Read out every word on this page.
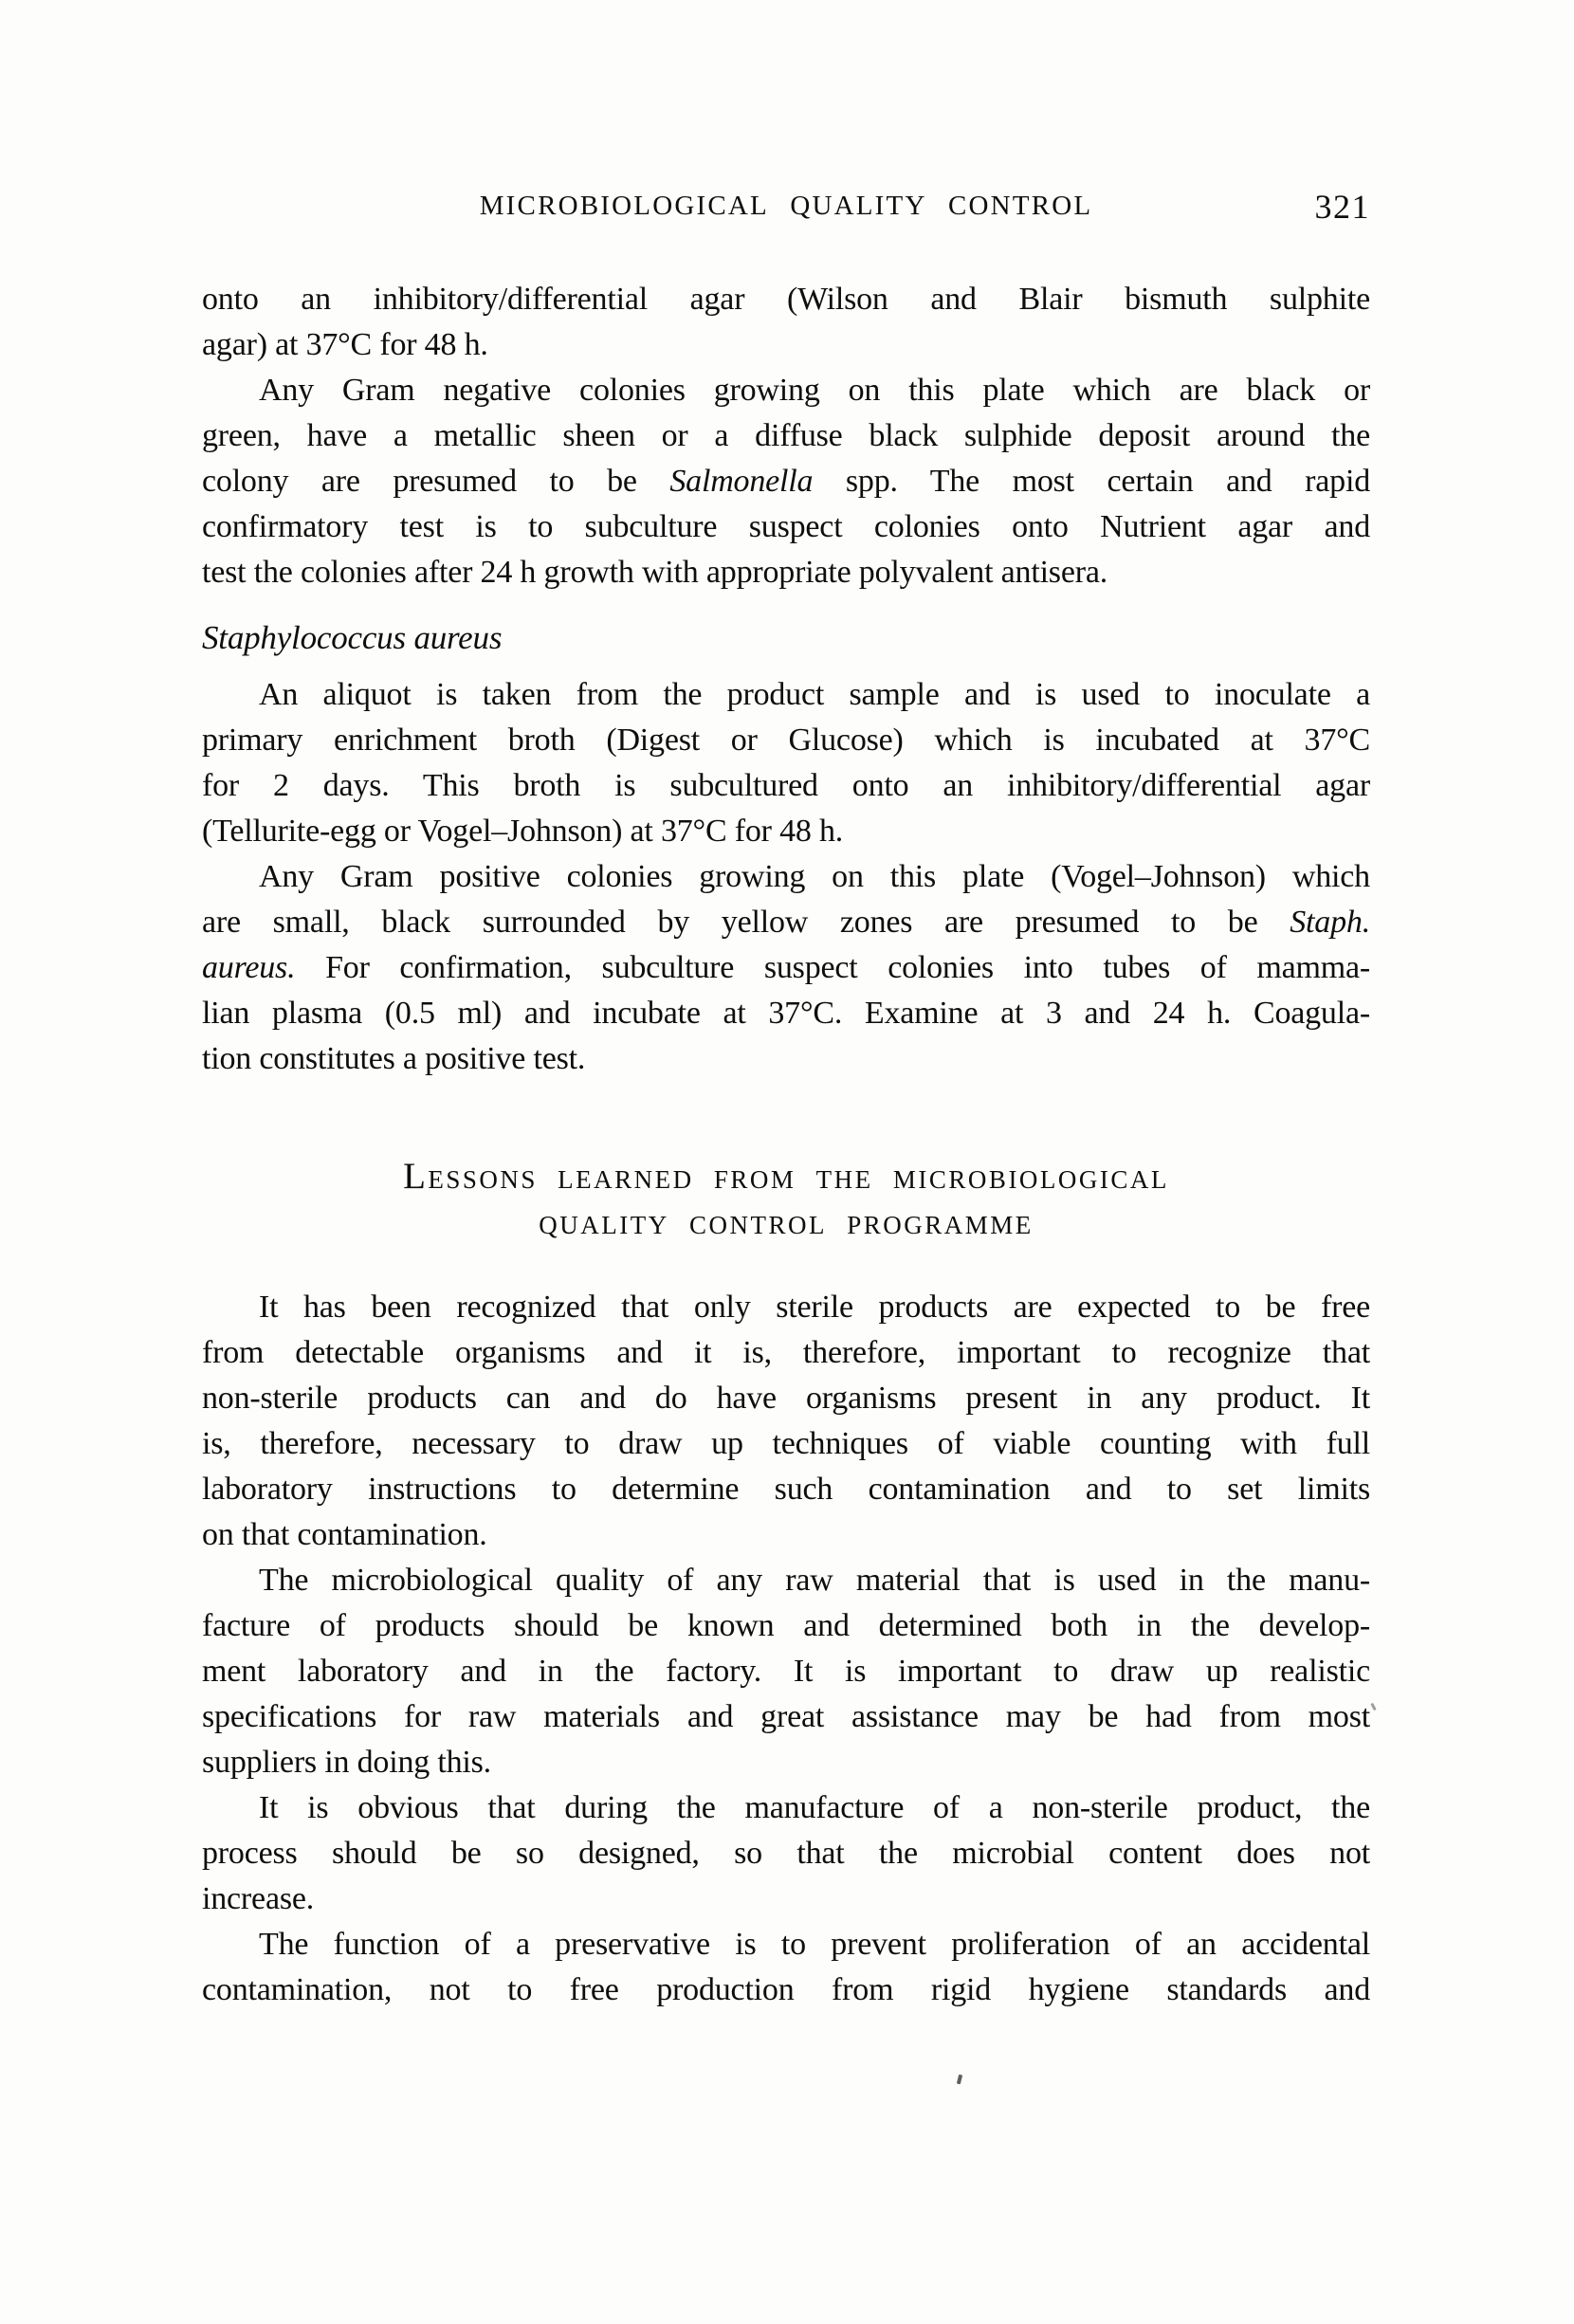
MICROBIOLOGICAL QUALITY CONTROL	321
onto an inhibitory/differential agar (Wilson and Blair bismuth sulphite
agar) at 37°C for 48 h.
Any Gram negative colonies growing on this plate which are black or
green, have a metallic sheen or a diffuse black sulphide deposit around the
colony are presumed to be Salmonella spp. The most certain and rapid
confirmatory test is to subculture suspect colonies onto Nutrient agar and
test the colonies after 24 h growth with appropriate polyvalent antisera.
Staphylococcus aureus
An aliquot is taken from the product sample and is used to inoculate a
primary enrichment broth (Digest or Glucose) which is incubated at 37°C
for 2 days. This broth is subcultured onto an inhibitory/differential agar
(Tellurite-egg or Vogel–Johnson) at 37°C for 48 h.
Any Gram positive colonies growing on this plate (Vogel–Johnson) which
are small, black surrounded by yellow zones are presumed to be Staph.
aureus. For confirmation, subculture suspect colonies into tubes of mamma-
lian plasma (0.5 ml) and incubate at 37°C. Examine at 3 and 24 h. Coagula-
tion constitutes a positive test.
Lessons learned from the microbiological
quality control programme
It has been recognized that only sterile products are expected to be free
from detectable organisms and it is, therefore, important to recognize that
non-sterile products can and do have organisms present in any product. It
is, therefore, necessary to draw up techniques of viable counting with full
laboratory instructions to determine such contamination and to set limits
on that contamination.
The microbiological quality of any raw material that is used in the manu-
facture of products should be known and determined both in the develop-
ment laboratory and in the factory. It is important to draw up realistic
specifications for raw materials and great assistance may be had from most
suppliers in doing this.
It is obvious that during the manufacture of a non-sterile product, the
process should be so designed, so that the microbial content does not
increase.
The function of a preservative is to prevent proliferation of an accidental
contamination, not to free production from rigid hygiene standards and
